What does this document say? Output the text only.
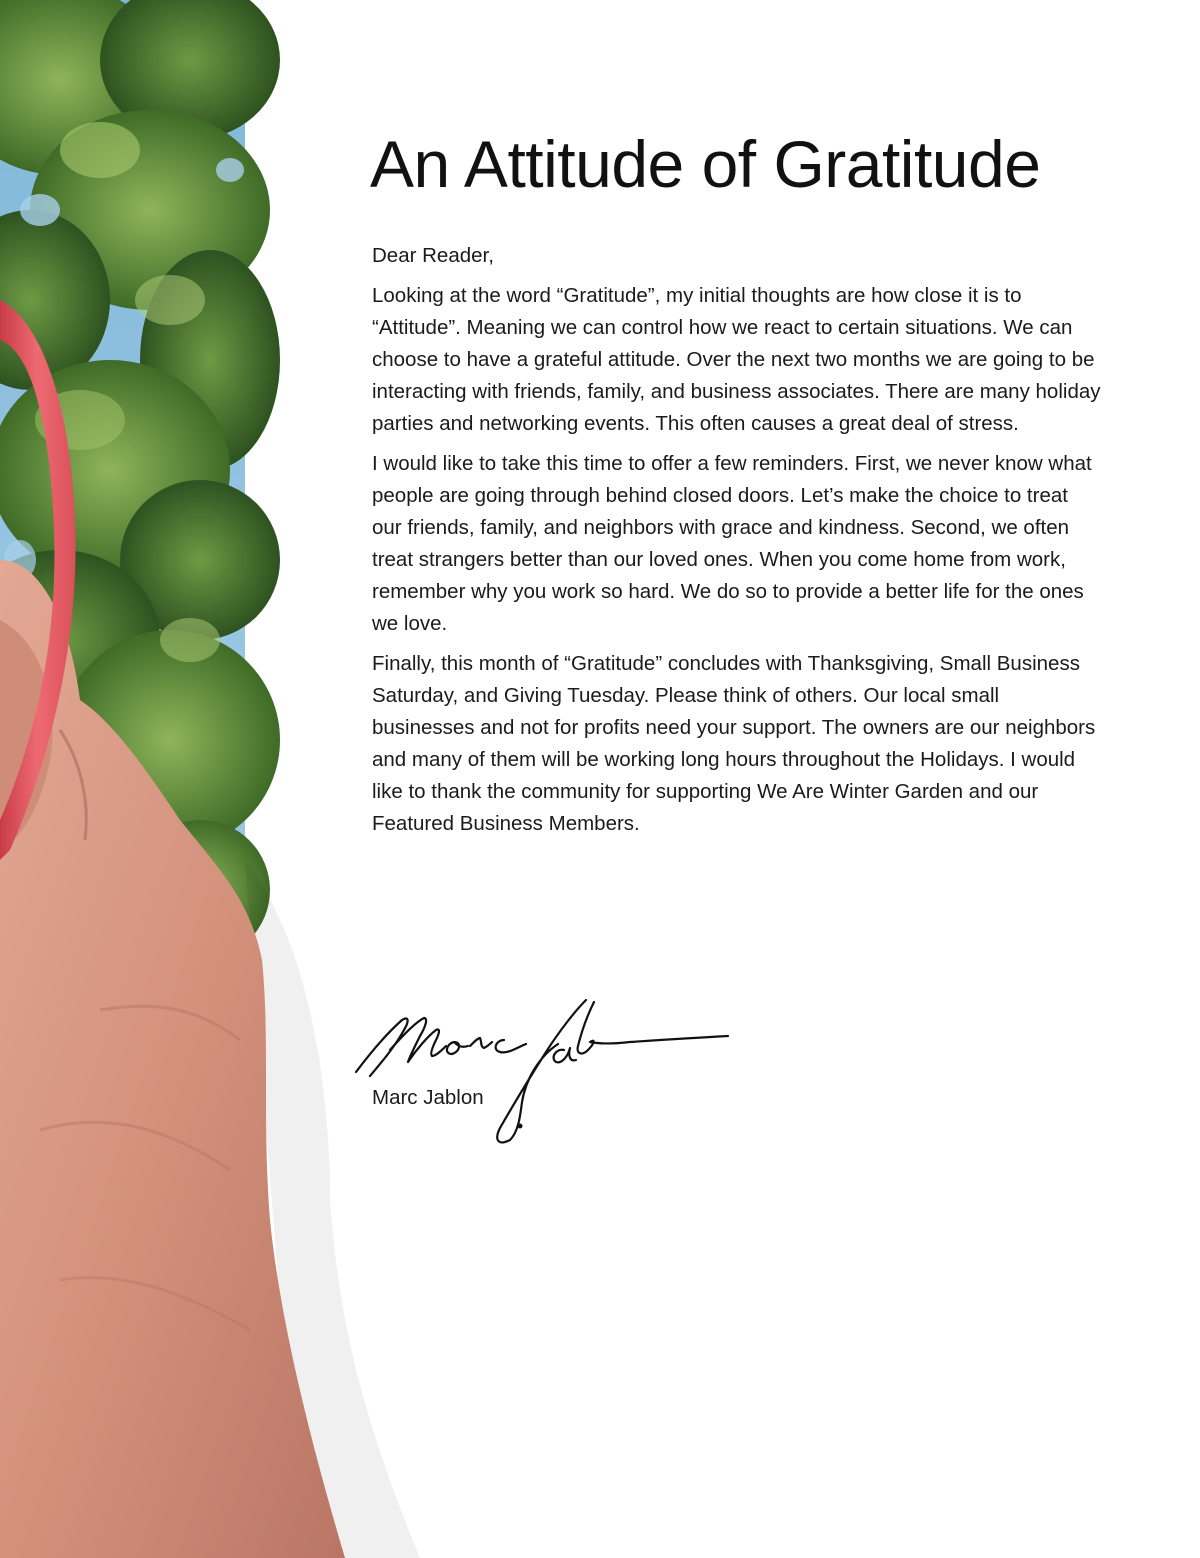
An Attitude of Gratitude

Dear Reader,

Looking at the word “Gratitude”, my initial thoughts are how close it is to “Attitude”. Meaning we can control how we react to certain situations. We can choose to have a grateful attitude. Over the next two months we are going to be interacting with friends, family, and business associates. There are many holiday parties and networking events. This often causes a great deal of stress.

I would like to take this time to offer a few reminders. First, we never know what people are going through behind closed doors. Let’s make the choice to treat our friends, family, and neighbors with grace and kindness. Second, we often treat strangers better than our loved ones. When you come home from work, remember why you work so hard. We do so to provide a better life for the ones we love.

Finally, this month of “Gratitude” concludes with Thanksgiving, Small Business Saturday, and Giving Tuesday. Please think of others. Our local small businesses and not for profits need your support. The owners are our neighbors and many of them will be working long hours throughout the Holidays. I would like to thank the community for supporting We Are Winter Garden and our Featured Business Members.

Marc Jablon
